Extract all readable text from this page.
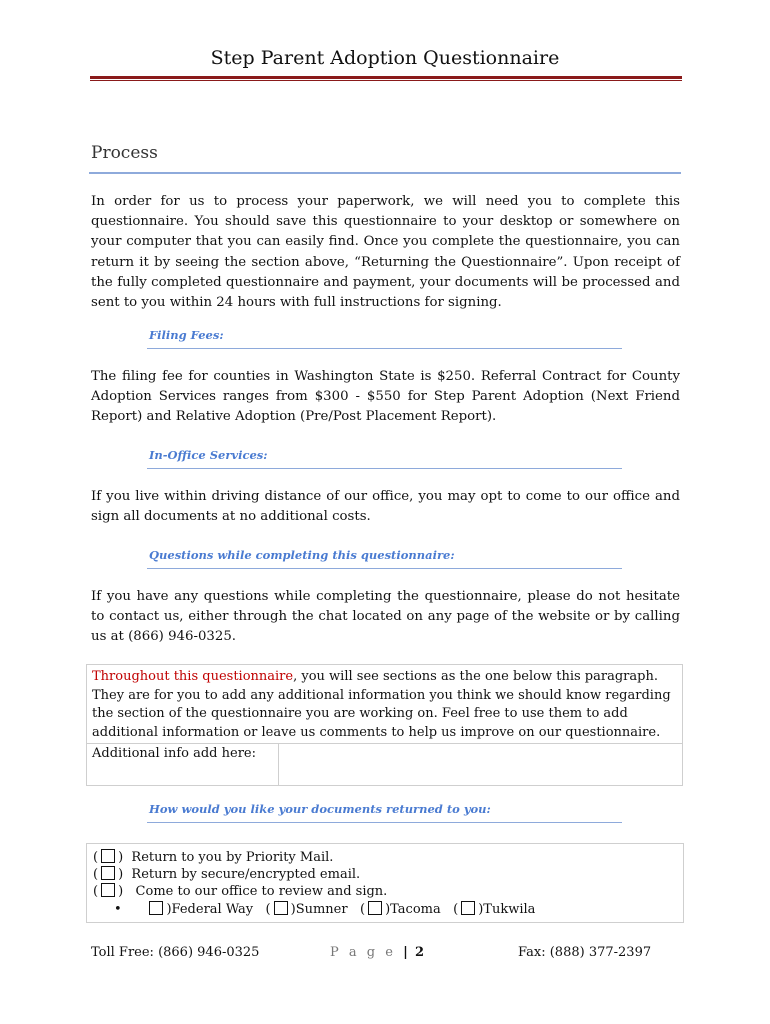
Step Parent Adoption Questionnaire
Process
In order for us to process your paperwork, we will need you to complete this questionnaire. You should save this questionnaire to your desktop or somewhere on your computer that you can easily find. Once you complete the questionnaire, you can return it by seeing the section above, “Returning the Questionnaire”. Upon receipt of the fully completed questionnaire and payment, your documents will be processed and sent to you within 24 hours with full instructions for signing.
Filing Fees:
The filing fee for counties in Washington State is $250. Referral Contract for County Adoption Services ranges from $300 - $550 for Step Parent Adoption (Next Friend Report) and Relative Adoption (Pre/Post Placement Report).
In-Office Services:
If you live within driving distance of our office, you may opt to come to our office and sign all documents at no additional costs.
Questions while completing this questionnaire:
If you have any questions while completing the questionnaire, please do not hesitate to contact us, either through the chat located on any page of the website or by calling us at (866) 946-0325.
Throughout this questionnaire, you will see sections as the one below this paragraph. They are for you to add any additional information you think we should know regarding the section of the questionnaire you are working on. Feel free to use them to add additional information or leave us comments to help us improve on our questionnaire.
Additional info add here:
How would you like your documents returned to you:
( )  Return to you by Priority Mail.
( )  Return by secure/encrypted email.
( )   Come to our office to review and sign.
•	)Federal Way   ( )Sumner   ( )Tacoma   ( )Tukwila
Toll Free: (866) 946-0325	P a g e | 2	Fax: (888) 377-2397
